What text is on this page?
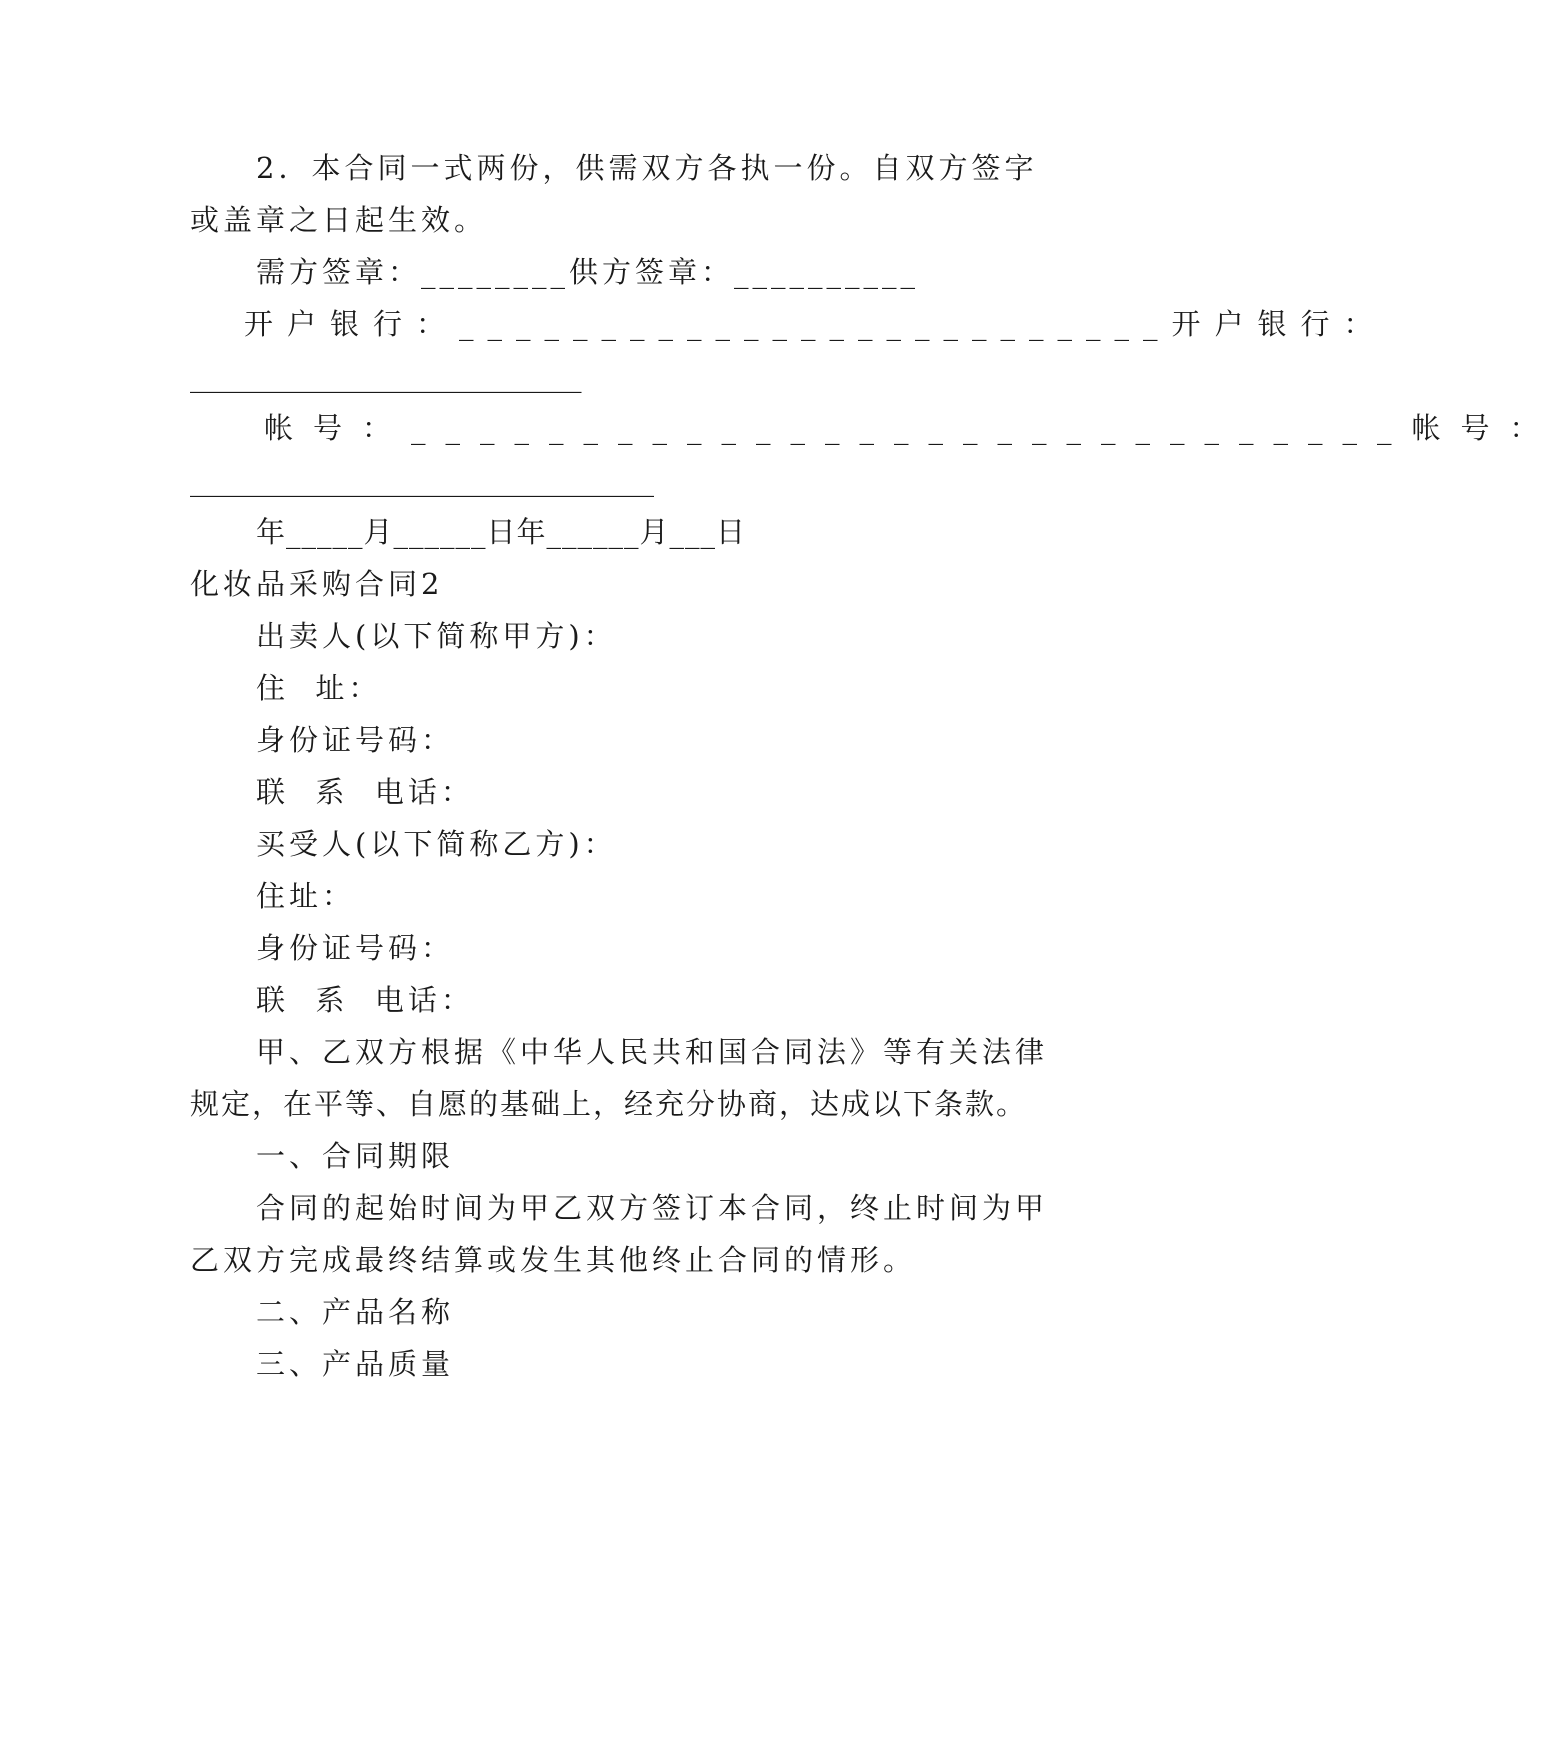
2．本合同一式两份，供需双方各执一份。自双方签字
或盖章之日起生效。
需方签章：________供方签章：__________
开户银行：_________________________开户银行：
___________________________
帐号：_____________________________帐号：
________________________________
年_____月______日年______月___日
化妆品采购合同2
出卖人(以下简称甲方)：
住  址：
身份证号码：
联  系  电话：
买受人(以下简称乙方)：
住址：
身份证号码：
联  系  电话：
甲、乙双方根据《中华人民共和国合同法》等有关法律
规定，在平等、自愿的基础上，经充分协商，达成以下条款。
一、合同期限
合同的起始时间为甲乙双方签订本合同，终止时间为甲
乙双方完成最终结算或发生其他终止合同的情形。
二、产品名称
三、产品质量
